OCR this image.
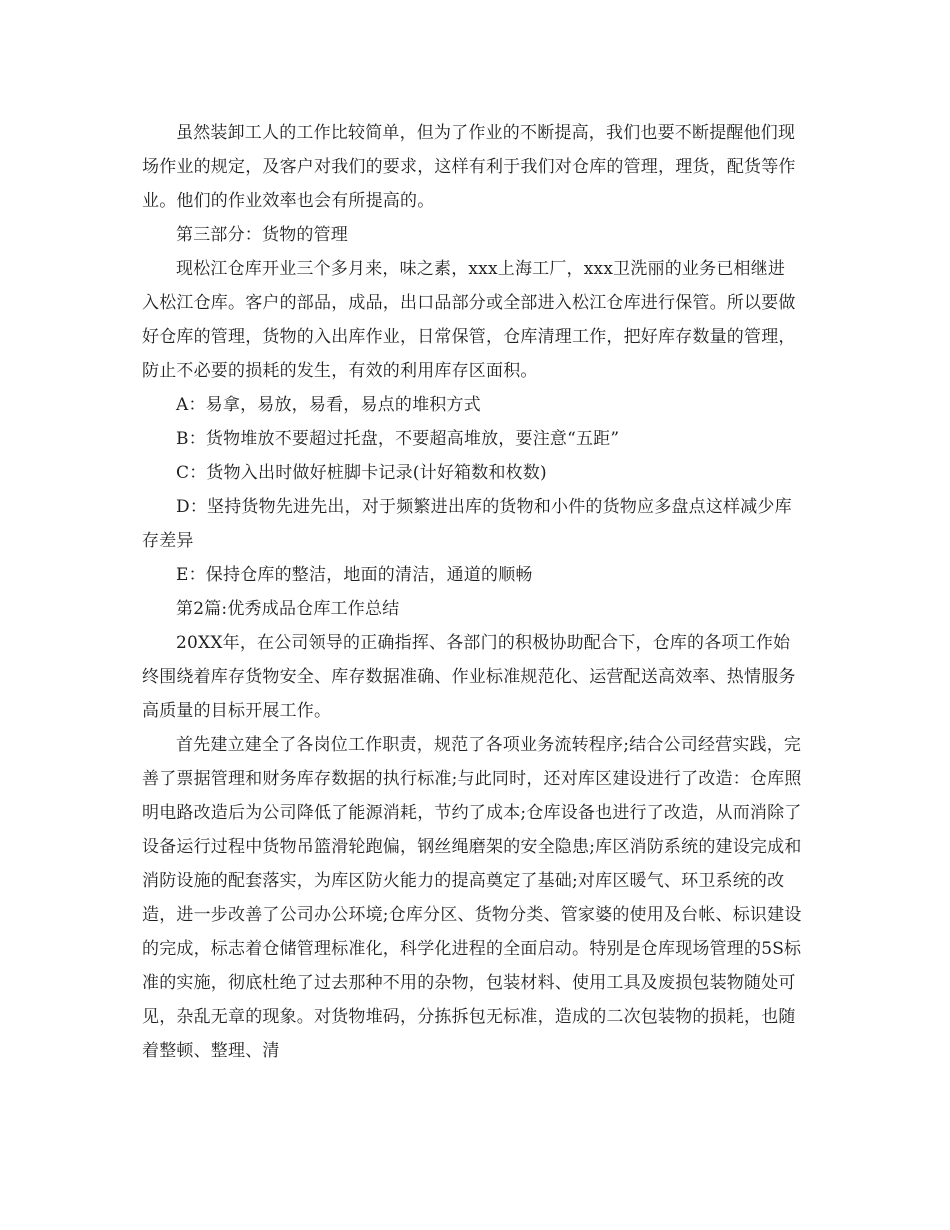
虽然装卸工人的工作比较简单，但为了作业的不断提高，我们也要不断提醒他们现场作业的规定，及客户对我们的要求，这样有利于我们对仓库的管理，理货，配货等作业。他们的作业效率也会有所提高的。

第三部分：货物的管理

现松江仓库开业三个多月来，味之素，xxx上海工厂，xxx卫洗丽的业务已相继进入松江仓库。客户的部品，成品，出口品部分或全部进入松江仓库进行保管。所以要做好仓库的管理，货物的入出库作业，日常保管，仓库清理工作，把好库存数量的管理，防止不必要的损耗的发生，有效的利用库存区面积。

A：易拿，易放，易看，易点的堆积方式

B：货物堆放不要超过托盘，不要超高堆放，要注意“五距”

C：货物入出时做好桩脚卡记录(计好箱数和枚数)

D：坚持货物先进先出，对于频繁进出库的货物和小件的货物应多盘点这样减少库存差异

E：保持仓库的整洁，地面的清洁，通道的顺畅

第2篇:优秀成品仓库工作总结

20XX年，在公司领导的正确指挥、各部门的积极协助配合下，仓库的各项工作始终围绕着库存货物安全、库存数据准确、作业标准规范化、运营配送高效率、热情服务高质量的目标开展工作。

首先建立建全了各岗位工作职责，规范了各项业务流转程序;结合公司经营实践，完善了票据管理和财务库存数据的执行标准;与此同时，还对库区建设进行了改造：仓库照明电路改造后为公司降低了能源消耗，节约了成本;仓库设备也进行了改造，从而消除了设备运行过程中货物吊篮滑轮跑偏，钢丝绳磨架的安全隐患;库区消防系统的建设完成和消防设施的配套落实，为库区防火能力的提高奠定了基础;对库区暖气、环卫系统的改造，进一步改善了公司办公环境;仓库分区、货物分类、管家婆的使用及台帐、标识建设的完成，标志着仓储管理标准化，科学化进程的全面启动。特别是仓库现场管理的5S标准的实施，彻底杜绝了过去那种不用的杂物，包装材料、使用工具及废损包装物随处可见，杂乱无章的现象。对货物堆码，分拣拆包无标准，造成的二次包装物的损耗，也随着整顿、整理、清
